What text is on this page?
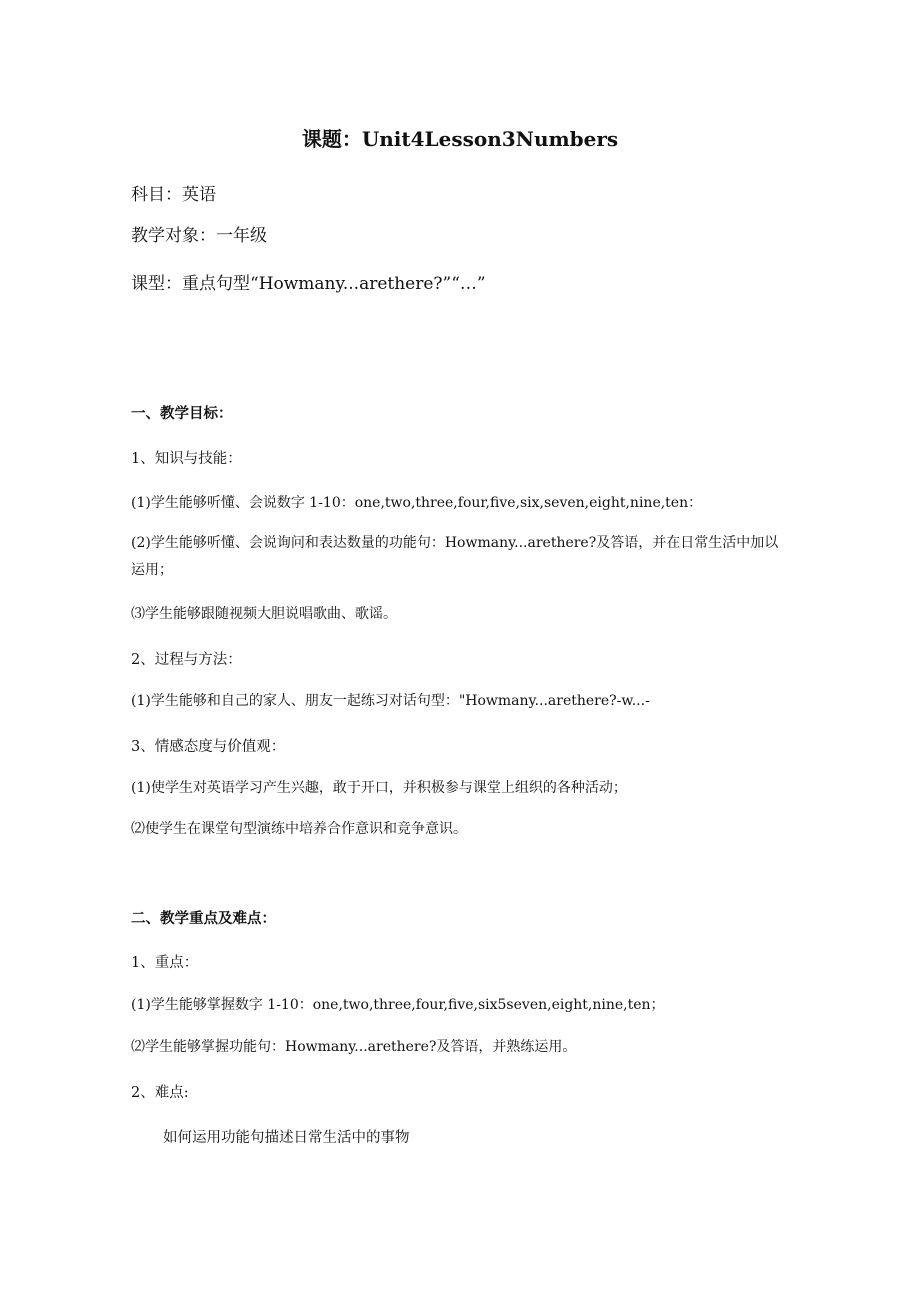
课题：Unit4Lesson3Numbers
科目：英语
教学对象：一年级
课型：重点句型“Howmany...arethere?”“…”
一、教学目标：
1、知识与技能：
(1)学生能够听懂、会说数字 1-10：one,two,three,four,five,six,seven,eight,nine,ten：
(2)学生能够听懂、会说询问和表达数量的功能句：Howmany...arethere?及答语，并在日常生活中加以运用；
⑶学生能够跟随视频大胆说唱歌曲、歌谣。
2、过程与方法：
(1)学生能够和自己的家人、朋友一起练习对话句型："Howmany...arethere?-w...-
3、情感态度与价值观：
(1)使学生对英语学习产生兴趣，敢于开口，并积极参与课堂上组织的各种活动；
⑵使学生在课堂句型演练中培养合作意识和竞争意识。
二、教学重点及难点：
1、重点：
(1)学生能够掌握数字 1-10：one,two,three,four,five,six5seven,eight,nine,ten；
⑵学生能够掌握功能句：Howmany...arethere?及答语，并熟练运用。
2、难点:
如何运用功能句描述日常生活中的事物
